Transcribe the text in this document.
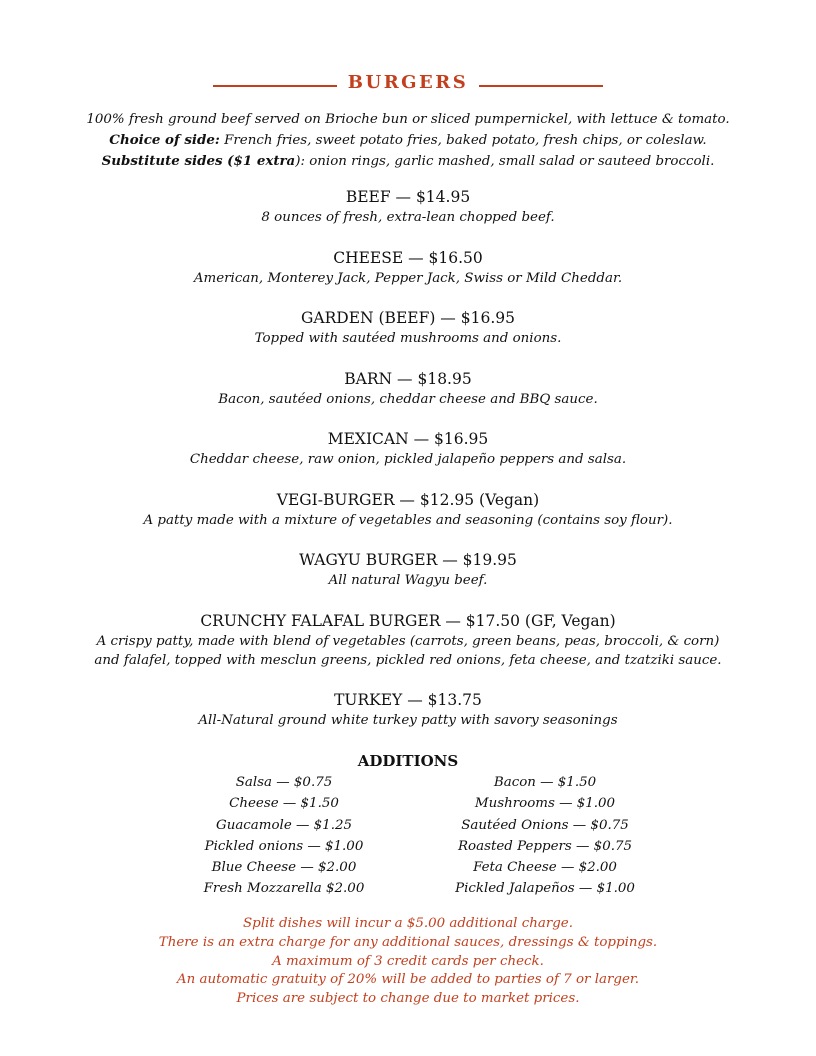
BURGERS
100% fresh ground beef served on Brioche bun or sliced pumpernickel, with lettuce & tomato.
Choice of side: French fries, sweet potato fries, baked potato, fresh chips, or coleslaw.
Substitute sides ($1 extra): onion rings, garlic mashed, small salad or sauteed broccoli.
BEEF — $14.95
8 ounces of fresh, extra-lean chopped beef.
CHEESE — $16.50
American, Monterey Jack, Pepper Jack, Swiss or Mild Cheddar.
GARDEN (BEEF) — $16.95
Topped with sautéed mushrooms and onions.
BARN — $18.95
Bacon, sautéed onions, cheddar cheese and BBQ sauce.
MEXICAN — $16.95
Cheddar cheese, raw onion, pickled jalapeño peppers and salsa.
VEGI-BURGER — $12.95 (Vegan)
A patty made with a mixture of vegetables and seasoning (contains soy flour).
WAGYU BURGER — $19.95
All natural Wagyu beef.
CRUNCHY FALAFAL BURGER — $17.50 (GF, Vegan)
A crispy patty, made with blend of vegetables (carrots, green beans, peas, broccoli, & corn)
and falafel, topped with mesclun greens, pickled red onions, feta cheese, and tzatziki sauce.
TURKEY — $13.75
All-Natural ground white turkey patty with savory seasonings
ADDITIONS
Salsa — $0.75
Cheese — $1.50
Guacamole — $1.25
Pickled onions — $1.00
Blue Cheese — $2.00
Fresh Mozzarella $2.00
Bacon — $1.50
Mushrooms — $1.00
Sautéed Onions — $0.75
Roasted Peppers — $0.75
Feta Cheese — $2.00
Pickled Jalapeños — $1.00
Split dishes will incur a $5.00 additional charge.
There is an extra charge for any additional sauces, dressings & toppings.
A maximum of 3 credit cards per check.
An automatic gratuity of 20% will be added to parties of 7 or larger.
Prices are subject to change due to market prices.
